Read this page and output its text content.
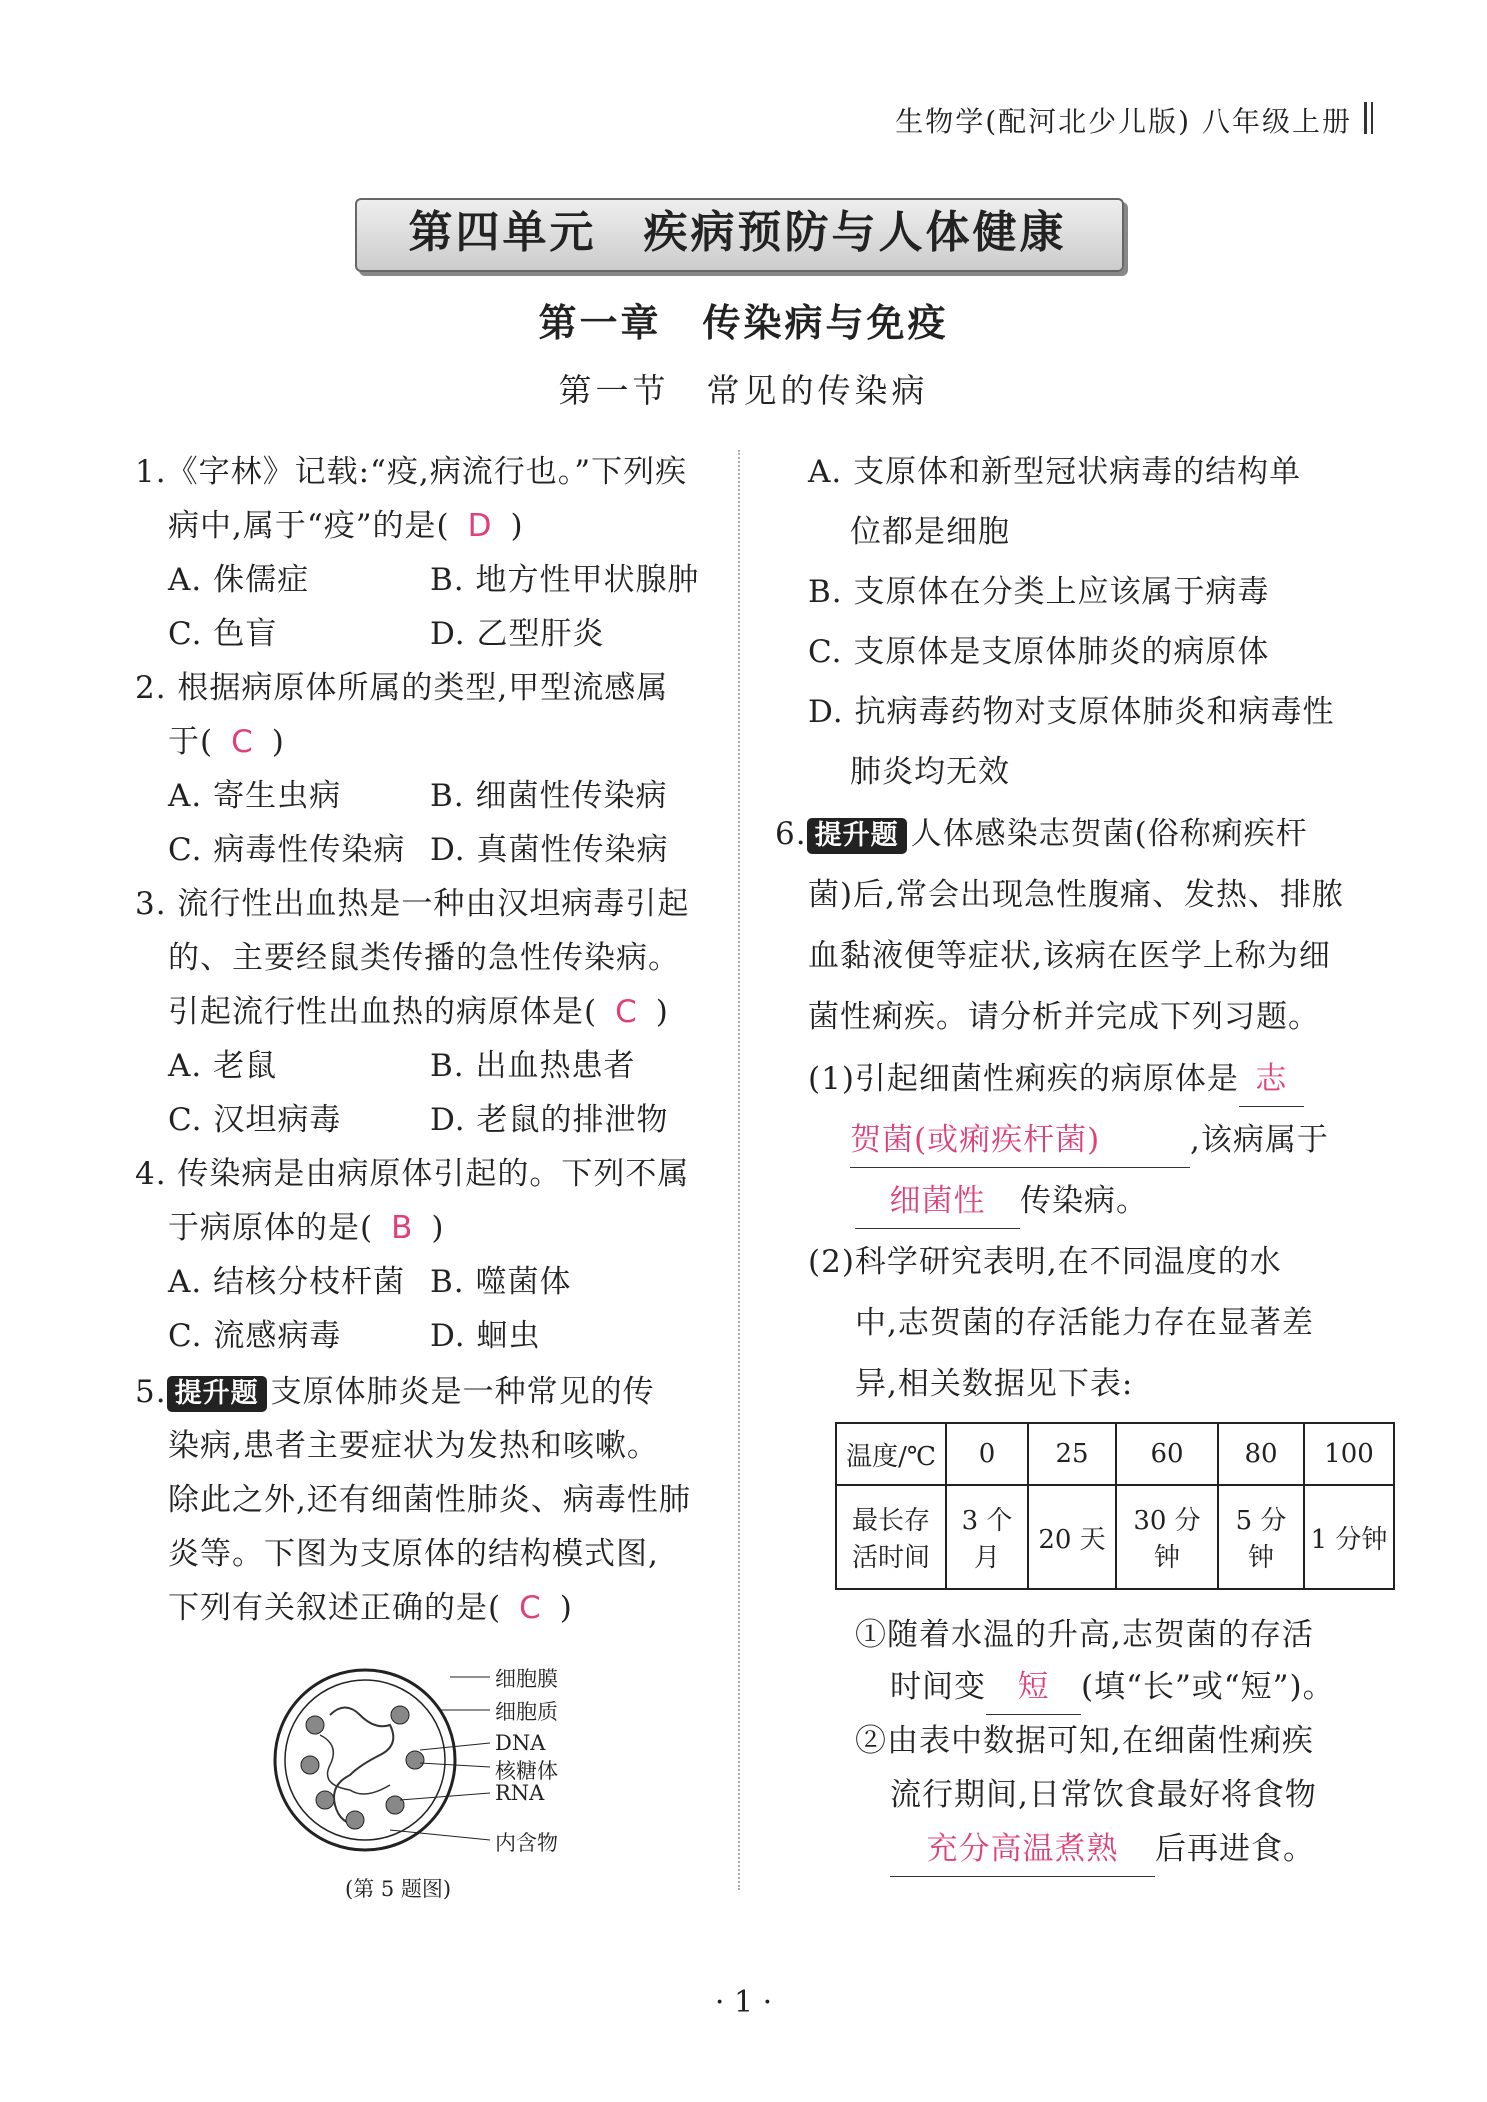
生物学(配河北少儿版) 八年级上册
第四单元　疾病预防与人体健康
第一章　传染病与免疫
第一节　常见的传染病
1.《字林》记载:“疫,病流行也。”下列疾
病中,属于“疫”的是( D )
A. 侏儒症	B. 地方性甲状腺肿
C. 色盲	D. 乙型肝炎
2. 根据病原体所属的类型,甲型流感属
于( C )
A. 寄生虫病	B. 细菌性传染病
C. 病毒性传染病 D. 真菌性传染病
3. 流行性出血热是一种由汉坦病毒引起
的、主要经鼠类传播的急性传染病。
引起流行性出血热的病原体是( C )
A. 老鼠	B. 出血热患者
C. 汉坦病毒	D. 老鼠的排泄物
4. 传染病是由病原体引起的。下列不属
于病原体的是( B )
A. 结核分枝杆菌 B. 噬菌体
C. 流感病毒	D. 蛔虫
5. 提升题 支原体肺炎是一种常见的传
染病,患者主要症状为发热和咳嗽。
除此之外,还有细菌性肺炎、病毒性肺
炎等。下图为支原体的结构模式图,
下列有关叙述正确的是( C )
细胞膜
细胞质
DNA
核糖体
RNA
内含物
(第 5 题图)
A. 支原体和新型冠状病毒的结构单
位都是细胞
B. 支原体在分类上应该属于病毒
C. 支原体是支原体肺炎的病原体
D. 抗病毒药物对支原体肺炎和病毒性
肺炎均无效
6. 提升题 人体感染志贺菌(俗称痢疾杆
菌)后,常会出现急性腹痛、发热、排脓
血黏液便等症状,该病在医学上称为细
菌性痢疾。请分析并完成下列习题。
(1)引起细菌性痢疾的病原体是 志
贺菌(或痢疾杆菌)	,该病属于
细菌性 传染病。
(2)科学研究表明,在不同温度的水
中,志贺菌的存活能力存在显著差
异,相关数据见下表:
温度/℃	0	25	60	80	100
最长存
活时间	3 个月	20 天	30 分钟	5 分钟	1 分钟
①随着水温的升高,志贺菌的存活
时间变 短 (填“长”或“短”)。
②由表中数据可知,在细菌性痢疾
流行期间,日常饮食最好将食物
充分高温煮熟 后再进食。
· 1 ·
